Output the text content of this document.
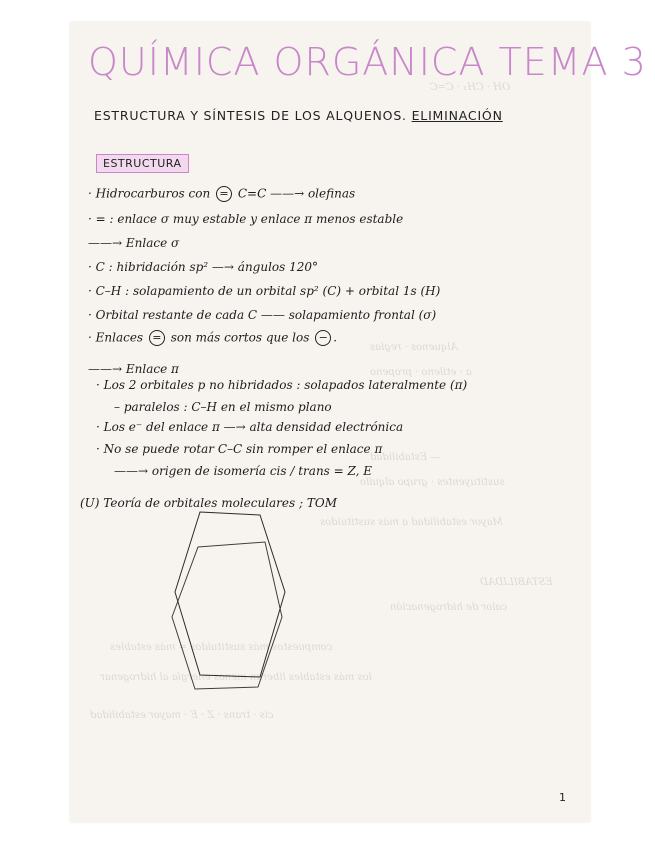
OH · CH₃ · C=C
Alquenos · reglas
a · etileno · propeno
— Estabilidad
sustituyentes · grupo alquilo
Mayor estabilidad a más sustituidos
ESTABILIDAD
calor de hidrogenación
compuestos más sustituidos = más estables
los más estables liberan menos energía al hidrogenar
cis · trans · Z · E · mayor estabilidad
QUÍMICA ORGÁNICA TEMA 3
ESTRUCTURA Y SÍNTESIS DE LOS ALQUENOS. ELIMINACIÓN
ESTRUCTURA
· Hidrocarburos con = C=C ——→ olefinas
· = : enlace σ muy estable y enlace π menos estable
——→ Enlace σ
· C : hibridación sp² —→ ángulos 120°
· C–H : solapamiento de un orbital sp² (C) + orbital 1s (H)
· Orbital restante de cada C —— solapamiento frontal (σ)
· Enlaces = son más cortos que los − .
——→ Enlace π
· Los 2 orbitales p no hibridados : solapados lateralmente (π)
– paralelos : C–H en el mismo plano
· Los e⁻ del enlace π —→ alta densidad electrónica
· No se puede rotar C–C sin romper el enlace π
——→ origen de isomería cis / trans = Z, E
(U) Teoría de orbitales moleculares ; TOM
1
